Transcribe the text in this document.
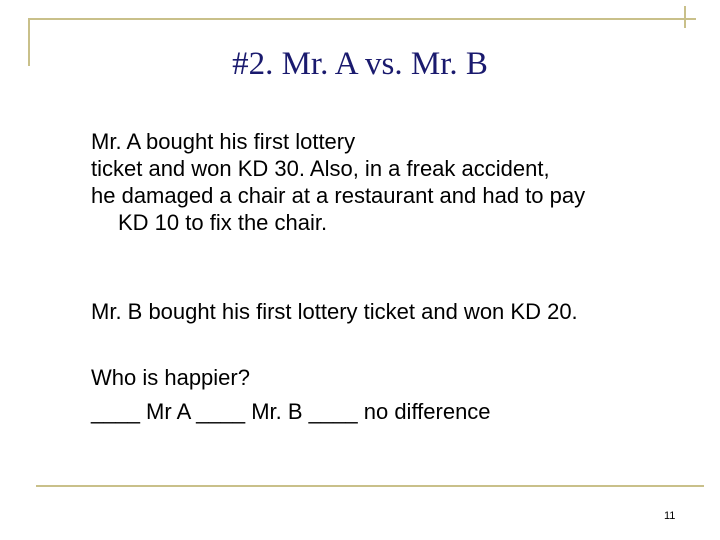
#2. Mr. A vs. Mr. B
Mr. A bought his first lottery
ticket and won KD 30. Also, in a freak accident,
he damaged a chair at a restaurant and had to pay
KD 10 to fix the chair.
Mr. B bought his first lottery ticket and won KD 20.
Who is happier?
____ Mr A ____ Mr. B ____ no difference
11
